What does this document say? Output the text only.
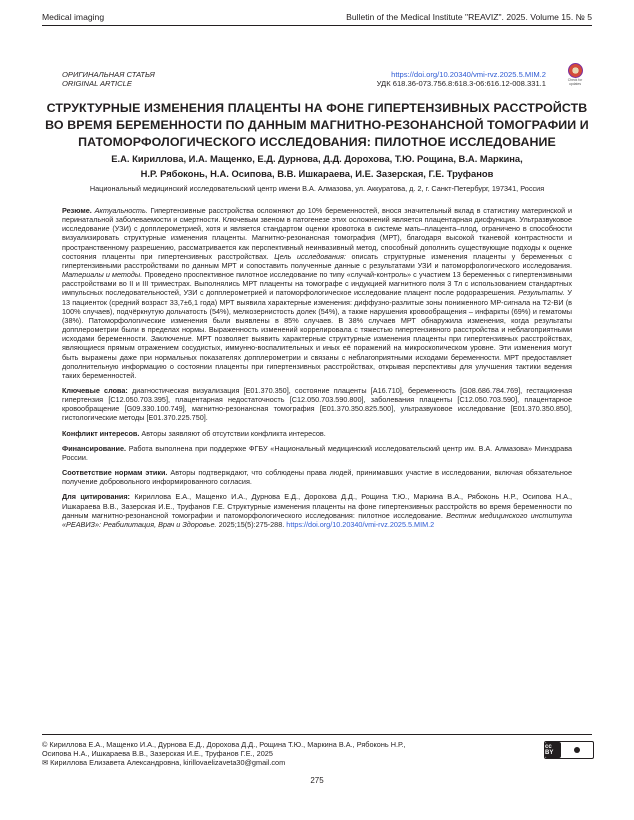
Medical imaging	Bulletin of the Medical Institute "REAVIZ". 2025. Volume 15. № 5
ОРИГИНАЛЬНАЯ СТАТЬЯ
ORIGINAL ARTICLE
https://doi.org/10.20340/vmi-rvz.2025.5.MIM.2
УДК 618.36-073.756.8:618.3-06:616.12-008.331.1	Check for updates
СТРУКТУРНЫЕ ИЗМЕНЕНИЯ ПЛАЦЕНТЫ НА ФОНЕ ГИПЕРТЕНЗИВНЫХ РАССТРОЙСТВ ВО ВРЕМЯ БЕРЕМЕННОСТИ ПО ДАННЫМ МАГНИТНО-РЕЗОНАНСНОЙ ТОМОГРАФИИ И ПАТОМОРФОЛОГИЧЕСКОГО ИССЛЕДОВАНИЯ: ПИЛОТНОЕ ИССЛЕДОВАНИЕ
Е.А. Кириллова, И.А. Мащенко, Е.Д. Дурнова, Д.Д. Дорохова, Т.Ю. Рощина, В.А. Маркина,
Н.Р. Рябоконь, Н.А. Осипова, В.В. Ишкараева, И.Е. Зазерская, Г.Е. Труфанов
Национальный медицинский исследовательский центр имени В.А. Алмазова, ул. Аккуратова, д. 2, г. Санкт-Петербург, 197341, Россия

Резюме. Актуальность. Гипертензивные расстройства осложняют до 10% беременностей, внося значительный вклад в статистику материнской и перинатальной заболеваемости и смертности. Ключевым звеном в патогенезе этих осложнений является плацентарная дисфункция. Ультразвуковое исследование (УЗИ) с допплерометрией, хотя и является стандартом оценки кровотока в системе мать–плацента–плод, ограничено в способности визуализировать структурные изменения плаценты. Магнитно-резонансная томография (МРТ), благодаря высокой тканевой контрастности и пространственному разрешению, рассматривается как перспективный неинвазивный метод, способный дополнить существующие подходы к оценке состояния плаценты при гипертензивных расстройствах. Цель исследования: описать структурные изменения плаценты у беременных с гипертензивными расстройствами по данным МРТ и сопоставить полученные данные с результатами УЗИ и патоморфологического исследования. Материалы и методы. Проведено проспективное пилотное исследование по типу «случай-контроль» с участием 13 беременных с гипертензивными расстройствами во II и III триместрах. Выполнялись МРТ плаценты на томографе с индукцией магнитного поля 3 Тл с использованием стандартных импульсных последовательностей, УЗИ с допплерометрией и патоморфологическое исследование плацент после родоразрешения. Результаты. У 13 пациенток (средний возраст 33,7±6,1 года) МРТ выявила характерные изменения: диффузно-разлитые зоны пониженного МР-сигнала на Т2-ВИ (в 100% случаев), подчёркнутую дольчатость (54%), мелкозернистость долек (54%), а также нарушения кровообращения – инфаркты (69%) и гематомы (38%). Патоморфологические изменения были выявлены в 85% случаев. В 38% случаев МРТ обнаружила изменения, когда результаты допплерометрии были в пределах нормы. Выраженность изменений коррелировала с тяжестью гипертензивного расстройства и неблагоприятными исходами беременности. Заключение. МРТ позволяет выявить характерные структурные изменения плаценты при гипертензивных расстройствах, являющиеся прямым отражением сосудистых, иммунно-воспалительных и иных её поражений на микроскопическом уровне. Эти изменения могут быть выражены даже при нормальных показателях допплерометрии и связаны с неблагоприятными исходами беременности. МРТ предоставляет дополнительную информацию о состоянии плаценты при гипертензивных расстройствах, открывая перспективы для улучшения тактики ведения таких беременностей.

Ключевые слова: диагностическая визуализация [E01.370.350], состояние плаценты [A16.710], беременность [G08.686.784.769], гестационная гипертензия [C12.050.703.395], плацентарная недостаточность [C12.050.703.590.800], заболевания плаценты [C12.050.703.590], плацентарное кровообращение [G09.330.100.749], магнитно-резонансная томография [E01.370.350.825.500], ультразвуковое исследование [E01.370.350.850], гистологические методы [E01.370.225.750].

Конфликт интересов. Авторы заявляют об отсутствии конфликта интересов.

Финансирование. Работа выполнена при поддержке ФГБУ «Национальный медицинский исследовательский центр им. В.А. Алмазова» Минздрава России.

Соответствие нормам этики. Авторы подтверждают, что соблюдены права людей, принимавших участие в исследовании, включая обязательное получение добровольного информированного согласия.

Для цитирования: Кириллова Е.А., Мащенко И.А., Дурнова Е.Д., Дорохова Д.Д., Рощина Т.Ю., Маркина В.А., Рябоконь Н.Р., Осипова Н.А., Ишкараева В.В., Зазерская И.Е., Труфанов Г.Е. Структурные изменения плаценты на фоне гипертензивных расстройств во время беременности по данным магнитно-резонансной томографии и патоморфологического исследования: пилотное исследование. Вестник медицинского института «РЕАВИЗ»: Реабилитация, Врач и Здоровье. 2025;15(5):275-288. https://doi.org/10.20340/vmi-rvz.2025.5.MIM.2

© Кириллова Е.А., Мащенко И.А., Дурнова Е.Д., Дорохова Д.Д., Рощина Т.Ю., Маркина В.А., Рябоконь Н.Р.,

Осипова Н.А., Ишкараева В.В., Зазерская И.Е., Труфанов Г.Е., 2025

✉ Кириллова Елизавета Александровна, kirillovaelizaveta30@gmail.com

cc BY
275
